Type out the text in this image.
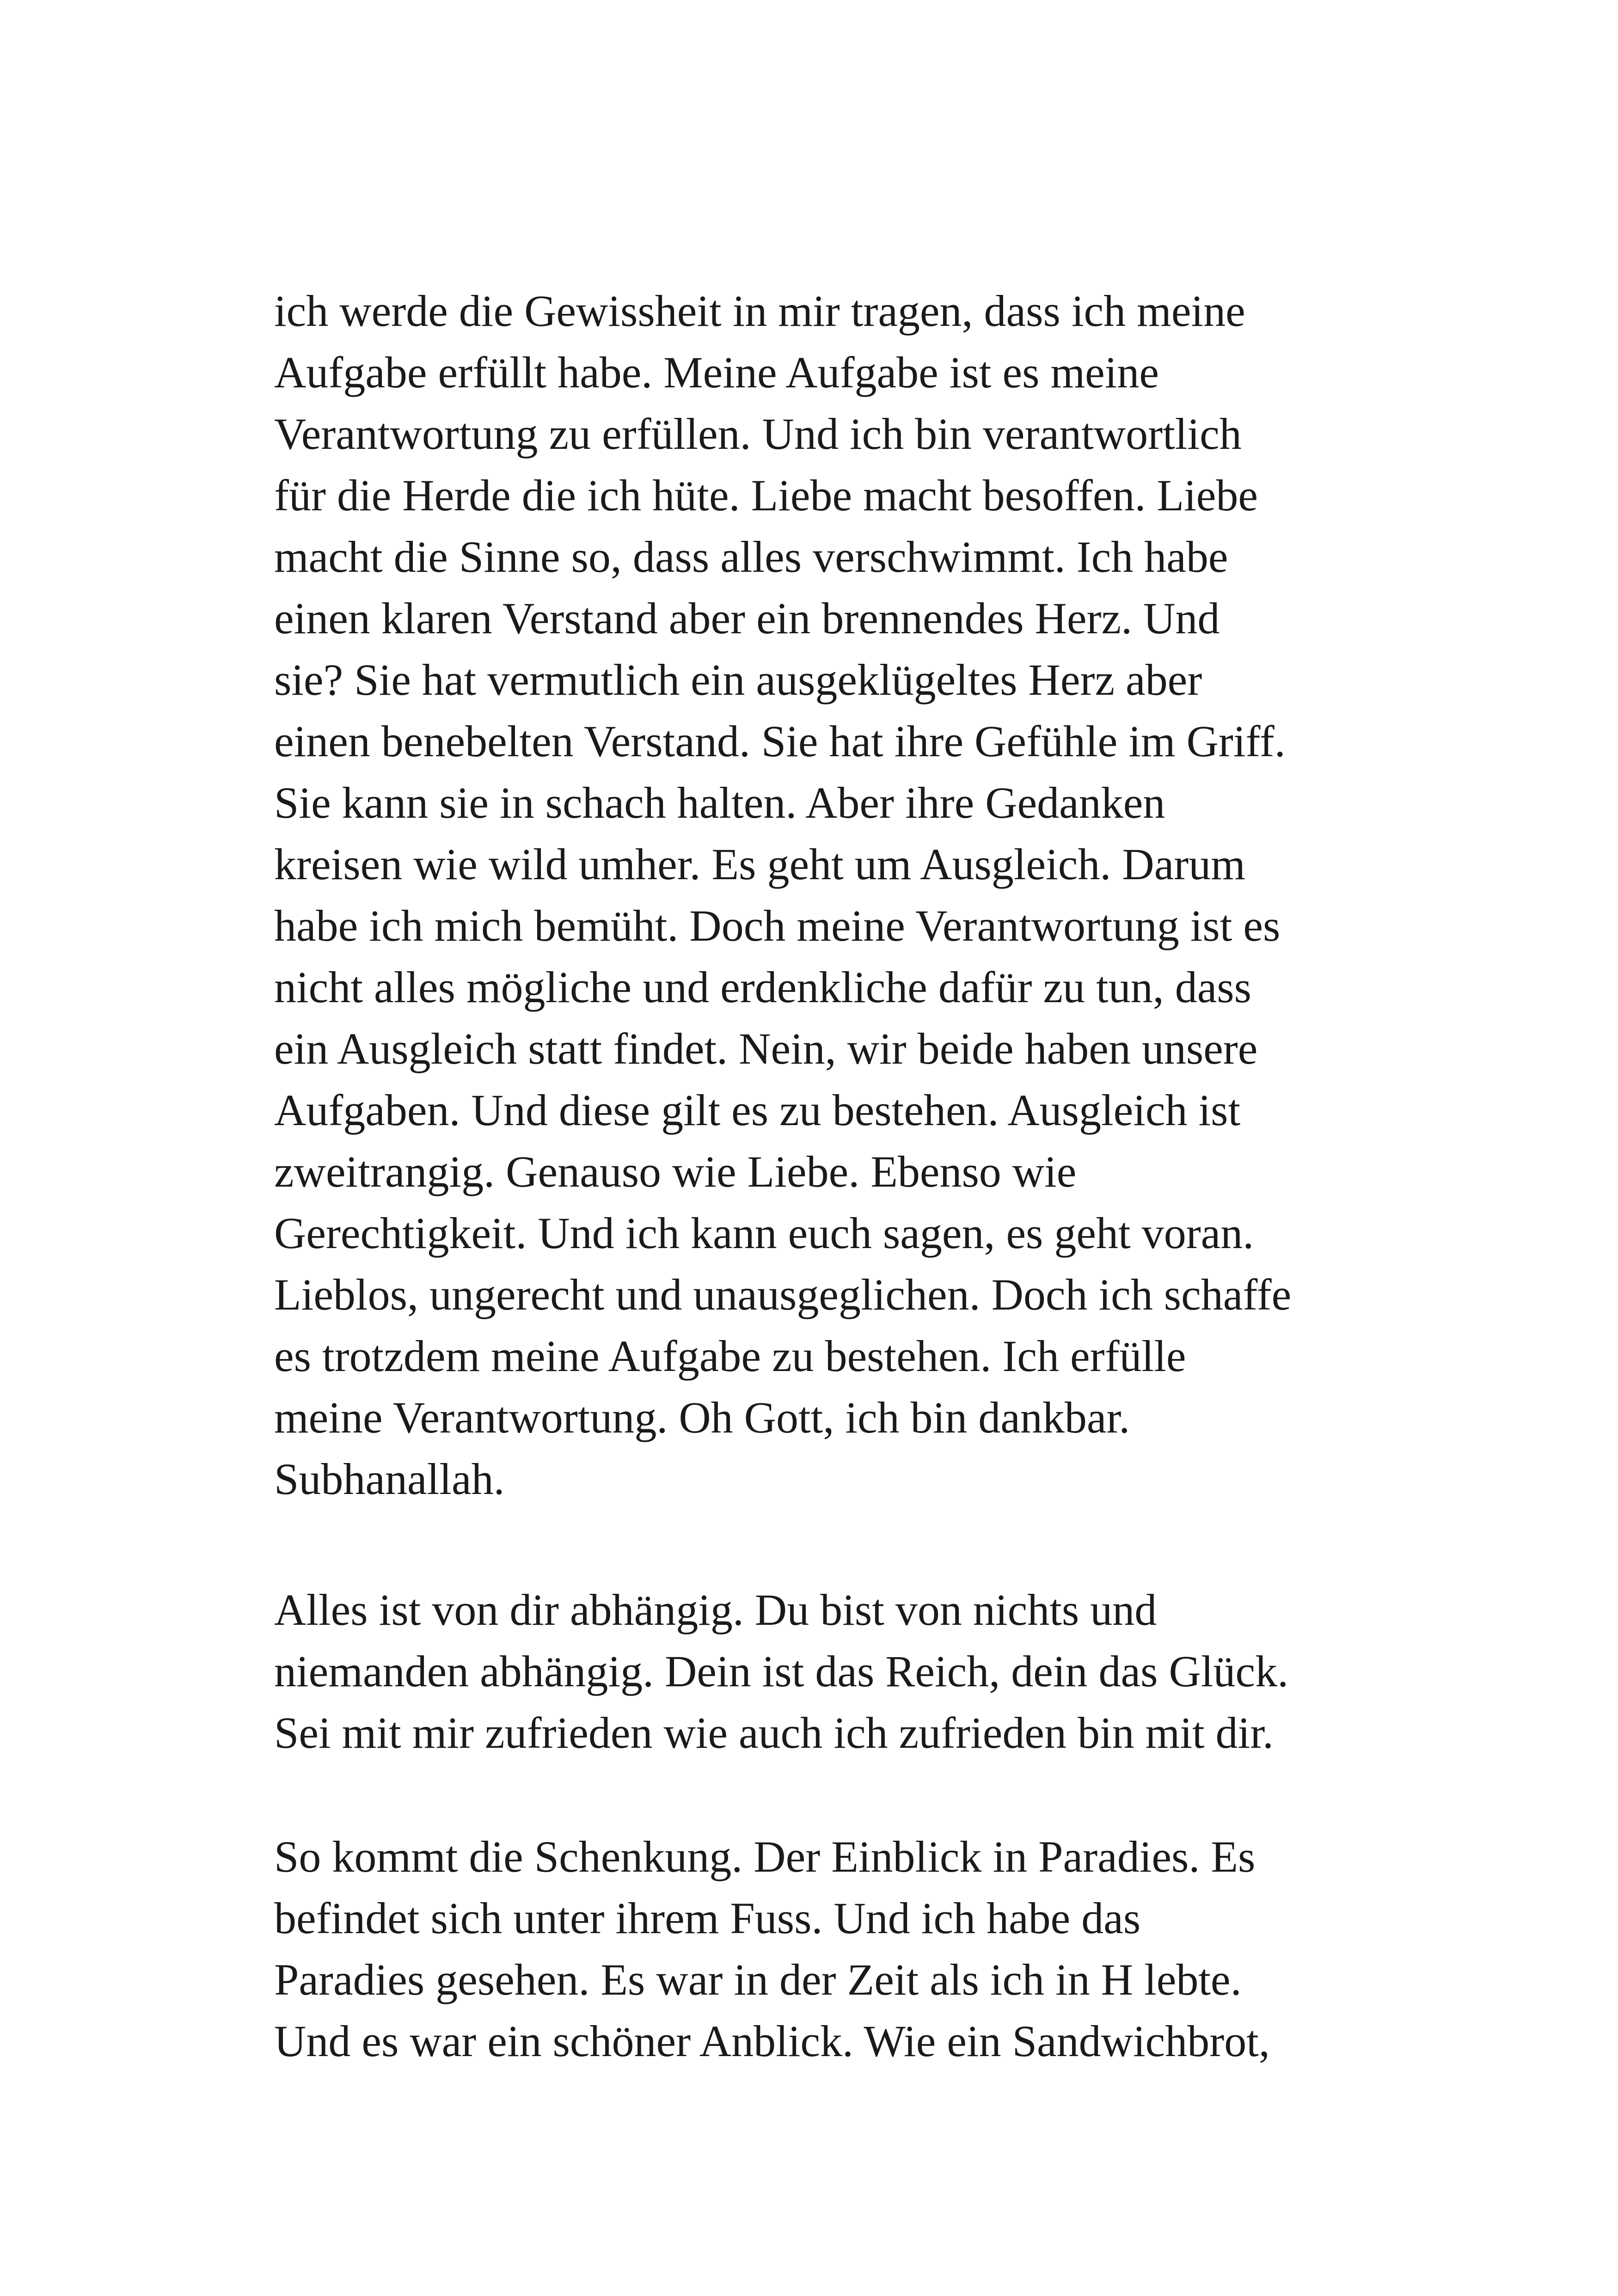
ich werde die Gewissheit in mir tragen, dass ich meine
Aufgabe erfüllt habe. Meine Aufgabe ist es meine
Verantwortung zu erfüllen. Und ich bin verantwortlich
für die Herde die ich hüte. Liebe macht besoffen. Liebe
macht die Sinne so, dass alles verschwimmt. Ich habe
einen klaren Verstand aber ein brennendes Herz. Und
sie? Sie hat vermutlich ein ausgeklügeltes Herz aber
einen benebelten Verstand. Sie hat ihre Gefühle im Griff.
Sie kann sie in schach halten. Aber ihre Gedanken
kreisen wie wild umher. Es geht um Ausgleich. Darum
habe ich mich bemüht. Doch meine Verantwortung ist es
nicht alles mögliche und erdenkliche dafür zu tun, dass
ein Ausgleich statt findet. Nein, wir beide haben unsere
Aufgaben. Und diese gilt es zu bestehen. Ausgleich ist
zweitrangig. Genauso wie Liebe. Ebenso wie
Gerechtigkeit. Und ich kann euch sagen, es geht voran.
Lieblos, ungerecht und unausgeglichen. Doch ich schaffe
es trotzdem meine Aufgabe zu bestehen. Ich erfülle
meine Verantwortung. Oh Gott, ich bin dankbar.
Subhanallah.
Alles ist von dir abhängig. Du bist von nichts und
niemanden abhängig. Dein ist das Reich, dein das Glück.
Sei mit mir zufrieden wie auch ich zufrieden bin mit dir.
So kommt die Schenkung. Der Einblick in Paradies. Es
befindet sich unter ihrem Fuss. Und ich habe das
Paradies gesehen. Es war in der Zeit als ich in H lebte.
Und es war ein schöner Anblick. Wie ein Sandwichbrot,
